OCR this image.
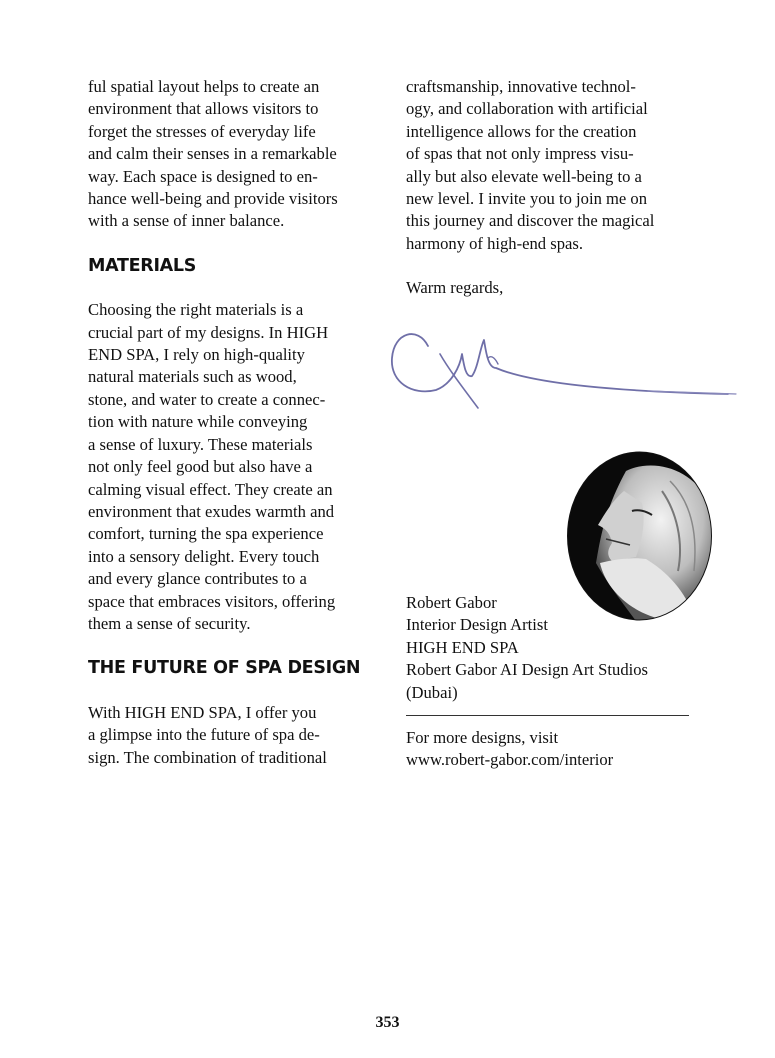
ful spatial layout helps to create an
environment that allows visitors to
forget the stresses of everyday life
and calm their senses in a remarkable
way. Each space is designed to en-
hance well-being and provide visitors
with a sense of inner balance.
MATERIALS
Choosing the right materials is a
crucial part of my designs. In HIGH
END SPA, I rely on high-quality
natural materials such as wood,
stone, and water to create a connec-
tion with nature while conveying
a sense of luxury. These materials
not only feel good but also have a
calming visual effect. They create an
environment that exudes warmth and
comfort, turning the spa experience
into a sensory delight. Every touch
and every glance contributes to a
space that embraces visitors, offering
them a sense of security.
THE FUTURE OF SPA DESIGN
With HIGH END SPA, I offer you
a glimpse into the future of spa de-
sign. The combination of traditional
craftsmanship, innovative technol-
ogy, and collaboration with artificial
intelligence allows for the creation
of spas that not only impress visu-
ally but also elevate well-being to a
new level. I invite you to join me on
this journey and discover the magical
harmony of high-end spas.
Warm regards,
Robert Gabor
Interior Design Artist
HIGH END SPA
Robert Gabor AI Design Art Studios
(Dubai)
For more designs, visit
www.robert-gabor.com/interior
353
